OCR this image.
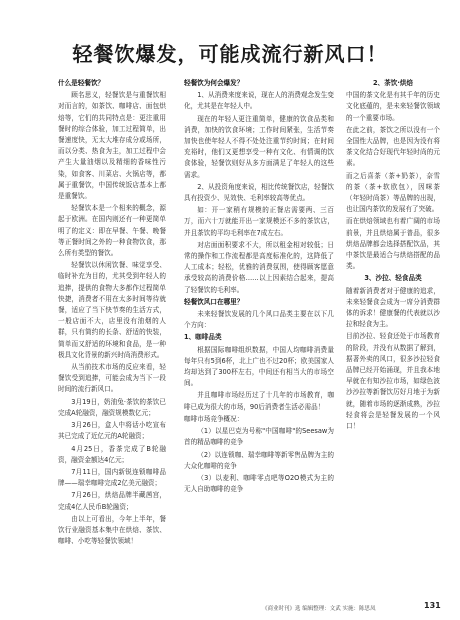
轻餐饮爆发，可能成流行新风口！
什么是轻餐饮？

顾名思义，轻餐饮是与重餐饮相对而言的，如茶饮、咖啡店、面包烘焙等，它们的共同特点是：更注重用餐时的综合体验，加工过程简单，出餐速度快，无太大堆存成分或场所，而以分类、热食为主，加工过程中会产生大量油烟以及精细的香味性污染，如食客、川菜店、火锅店等，都属于重餐饮，中国传统饭店基本上都是重餐饮。

轻餐饮本是一个相来的概念，源起于欧洲。在国内则还有一种更简单明了的定义：即在早餐、午餐、晚餐等正餐时间之外的一种食物饮食，那么所有类型的餐饮。

轻餐饮以休闲饮餐、味觉享受、临时补充为目的，尤其受到年轻人的追捧，提供的食物大多都作过程简单快捷，消费者不用在太多时间等待就餐，适应了当下快节奏的生活方式，一般店面不大，店里没有油烟的人群，只有简约的长条、舒适的快装，简单而又舒适的环境和食品，是一种极具文化背景的新兴时尚消费形式。

从当前技术市场的反应来看，轻餐饮受到追捧，可能会成为当下一段时间的流行新风口。

3月19日，奶油兔·茶饮的茶饮已完成A轮融资，融资规模数亿元；

3月26日，盒人中将话小吃宣布其已完成了近亿元的A轮融资；

4月25日，香茶完成了B轮融资，融资金额达4亿元；

7月11日，国内新锐连锁咖啡品牌——瑞幸咖啡完成2亿美元融资；

7月26日，烘焙品牌半藏茜宫，完成4亿人民币B轮融资；

由以上可看出，今年上半年，餐饮行业融资基本集中在烘焙、茶饮、咖啡、小吃等轻餐饮领域！

轻餐饮为何会爆发？

1、从消费来度来说，现在人的消费观念发生变化，尤其是在年轻人中。

现在的年轻人更注重简单，健康的饮食品类和消费，加快的饮食环境；工作时间紧张，生活节奏加快也使年轻人不得不处处注重节约时间；在时间充裕时，他们又更想享受一种有文化、有情调的饮食体验，轻餐饮则好从多方面满足了年轻人的这些需求。

2、从投资角度来说，相比传统餐饮店，轻餐饮具有投资少、见效快、毛利率较高等优点。

如：开一家稍有规模的正餐店需要两、三百万，而六十万就能开出一家规模还不多的茶饮店，并且茶饮的平均毛利率在7成左右。

对店面面积要求不大，所以租金相对较低；日常的操作和工作流程都是高度标准化的，这降低了人工成本；轻松，优雅的消费氛围，使得顾客愿意承受较高的消费价格……以上因素结合起来，提高了轻餐饮的毛利率。

轻餐饮风口在哪里？

未来轻餐饮发展的几个风口品类主要在以下几个方向：

1、咖啡品类

根据国际咖啡组织数据，中国人均咖啡消费量每年只有5到6杯，北上广也不过20杯；欧美国家人均却达到了300杯左右，中间还有相当大的市场空间。

并且咖啡市场经历过了十几年的市场教育，咖啡已成为很大的市场，90后消费者生活必需品！

咖啡市场竞争概况：

（1）以星巴克为号称"中国咖啡"的Seesaw为首的精品咖啡的竞争

（2）以连锁咖、瑞幸咖啡等新零售品牌为主的大众化咖啡的竞争

（3）以麦利、咖啡零点吧等O2O模式为主的无人自助咖啡的竞争

2、茶饮·烘焙

中国的茶文化是有其千年的历史文化底蕴的，是未来轻餐饮领域的一个重要市场。

在此之前，茶饮之所以没有一个全国性大品牌，也是因为没有将茶文化结合好现代年轻时尚的元素。

而之后喜茶（茶+奶茶），奈雪的茶（茶+软欧包），因咪茶（年轻时尚茶）等品牌的出现，也让国内茶饮的发展有了突破。

而在烘焙领域也有着广阔的市场前景，并且烘焙属于普品，很多烘焙品牌都会选择搭配饮品，其中茶饮是最适合与烘焙搭配的品类。

3、沙拉、轻食品类

随着新消费者对于健康的追求，未来轻餐食会成为一席分消费群体的诉求！健康餐的代表就以沙拉和轻食为主。

目前沙拉、轻食还处于市场教育的阶段，并没有从数据了解到，据著外卖的风口，很多沙拉轻食品牌已经开始涌现，并且我本地早就在有知沙拉市场，如绿色波沙沙拉等新餐饮厉好月地于为新就，随着市场的逐渐成熟，沙拉轻食将会是轻餐发展的一个风口！

《商业时刊》选 编辑整理：文武 实施：陈思凤	131
